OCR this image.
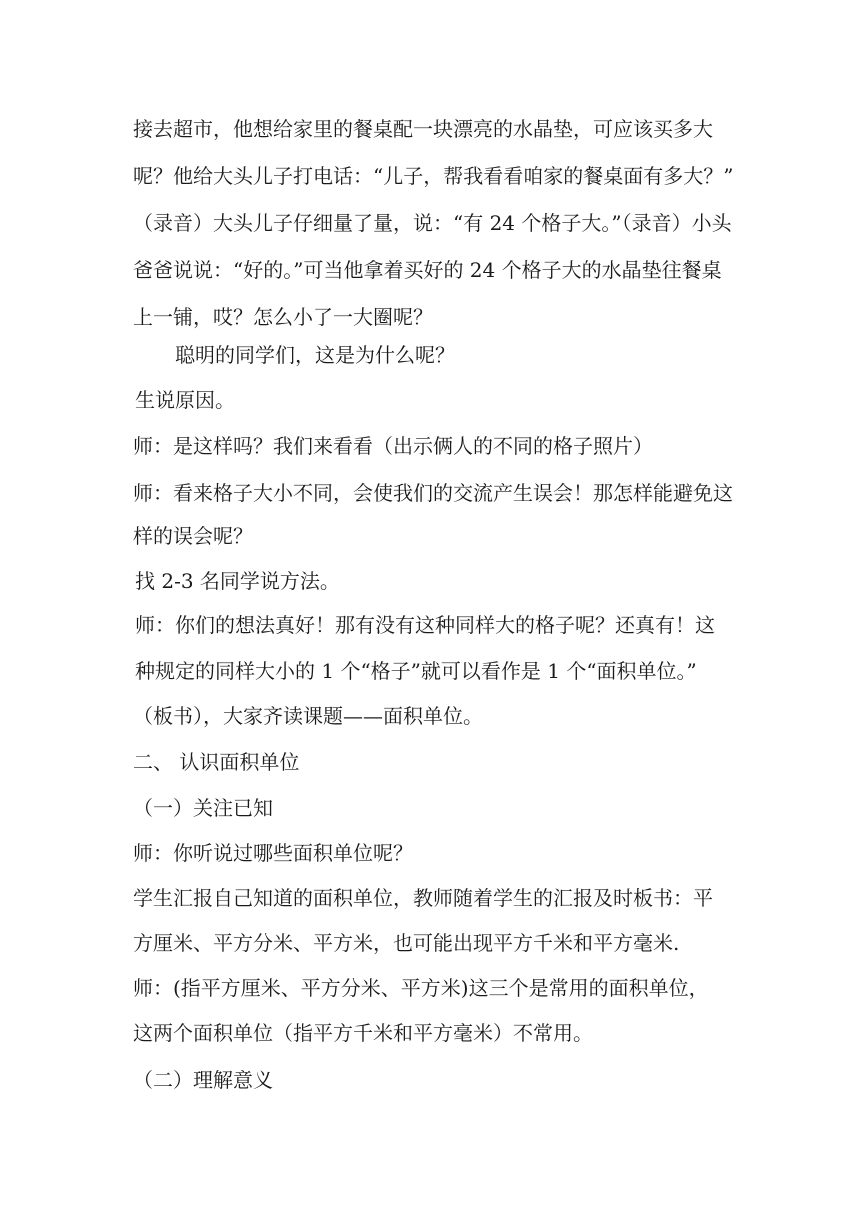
接去超市，他想给家里的餐桌配一块漂亮的水晶垫，可应该买多大
呢？他给大头儿子打电话：“儿子，帮我看看咱家的餐桌面有多大？”
（录音）大头儿子仔细量了量，说：“有 24 个格子大。”（录音）小头
爸爸说说：“好的。”可当他拿着买好的 24 个格子大的水晶垫往餐桌
上一铺，哎？怎么小了一大圈呢？
聪明的同学们，这是为什么呢？
生说原因。
师：是这样吗？我们来看看（出示俩人的不同的格子照片）
师：看来格子大小不同，会使我们的交流产生误会！那怎样能避免这
样的误会呢？
找 2-3 名同学说方法。
师：你们的想法真好！那有没有这种同样大的格子呢？还真有！这
种规定的同样大小的 1 个“格子”就可以看作是 1 个“面积单位。”
（板书），大家齐读课题——面积单位。
二、 认识面积单位
（一）关注已知
师：你听说过哪些面积单位呢？
学生汇报自己知道的面积单位，教师随着学生的汇报及时板书：平
方厘米、平方分米、平方米，也可能出现平方千米和平方毫米.
师：(指平方厘米、平方分米、平方米)这三个是常用的面积单位，
这两个面积单位（指平方千米和平方毫米）不常用。
（二）理解意义
